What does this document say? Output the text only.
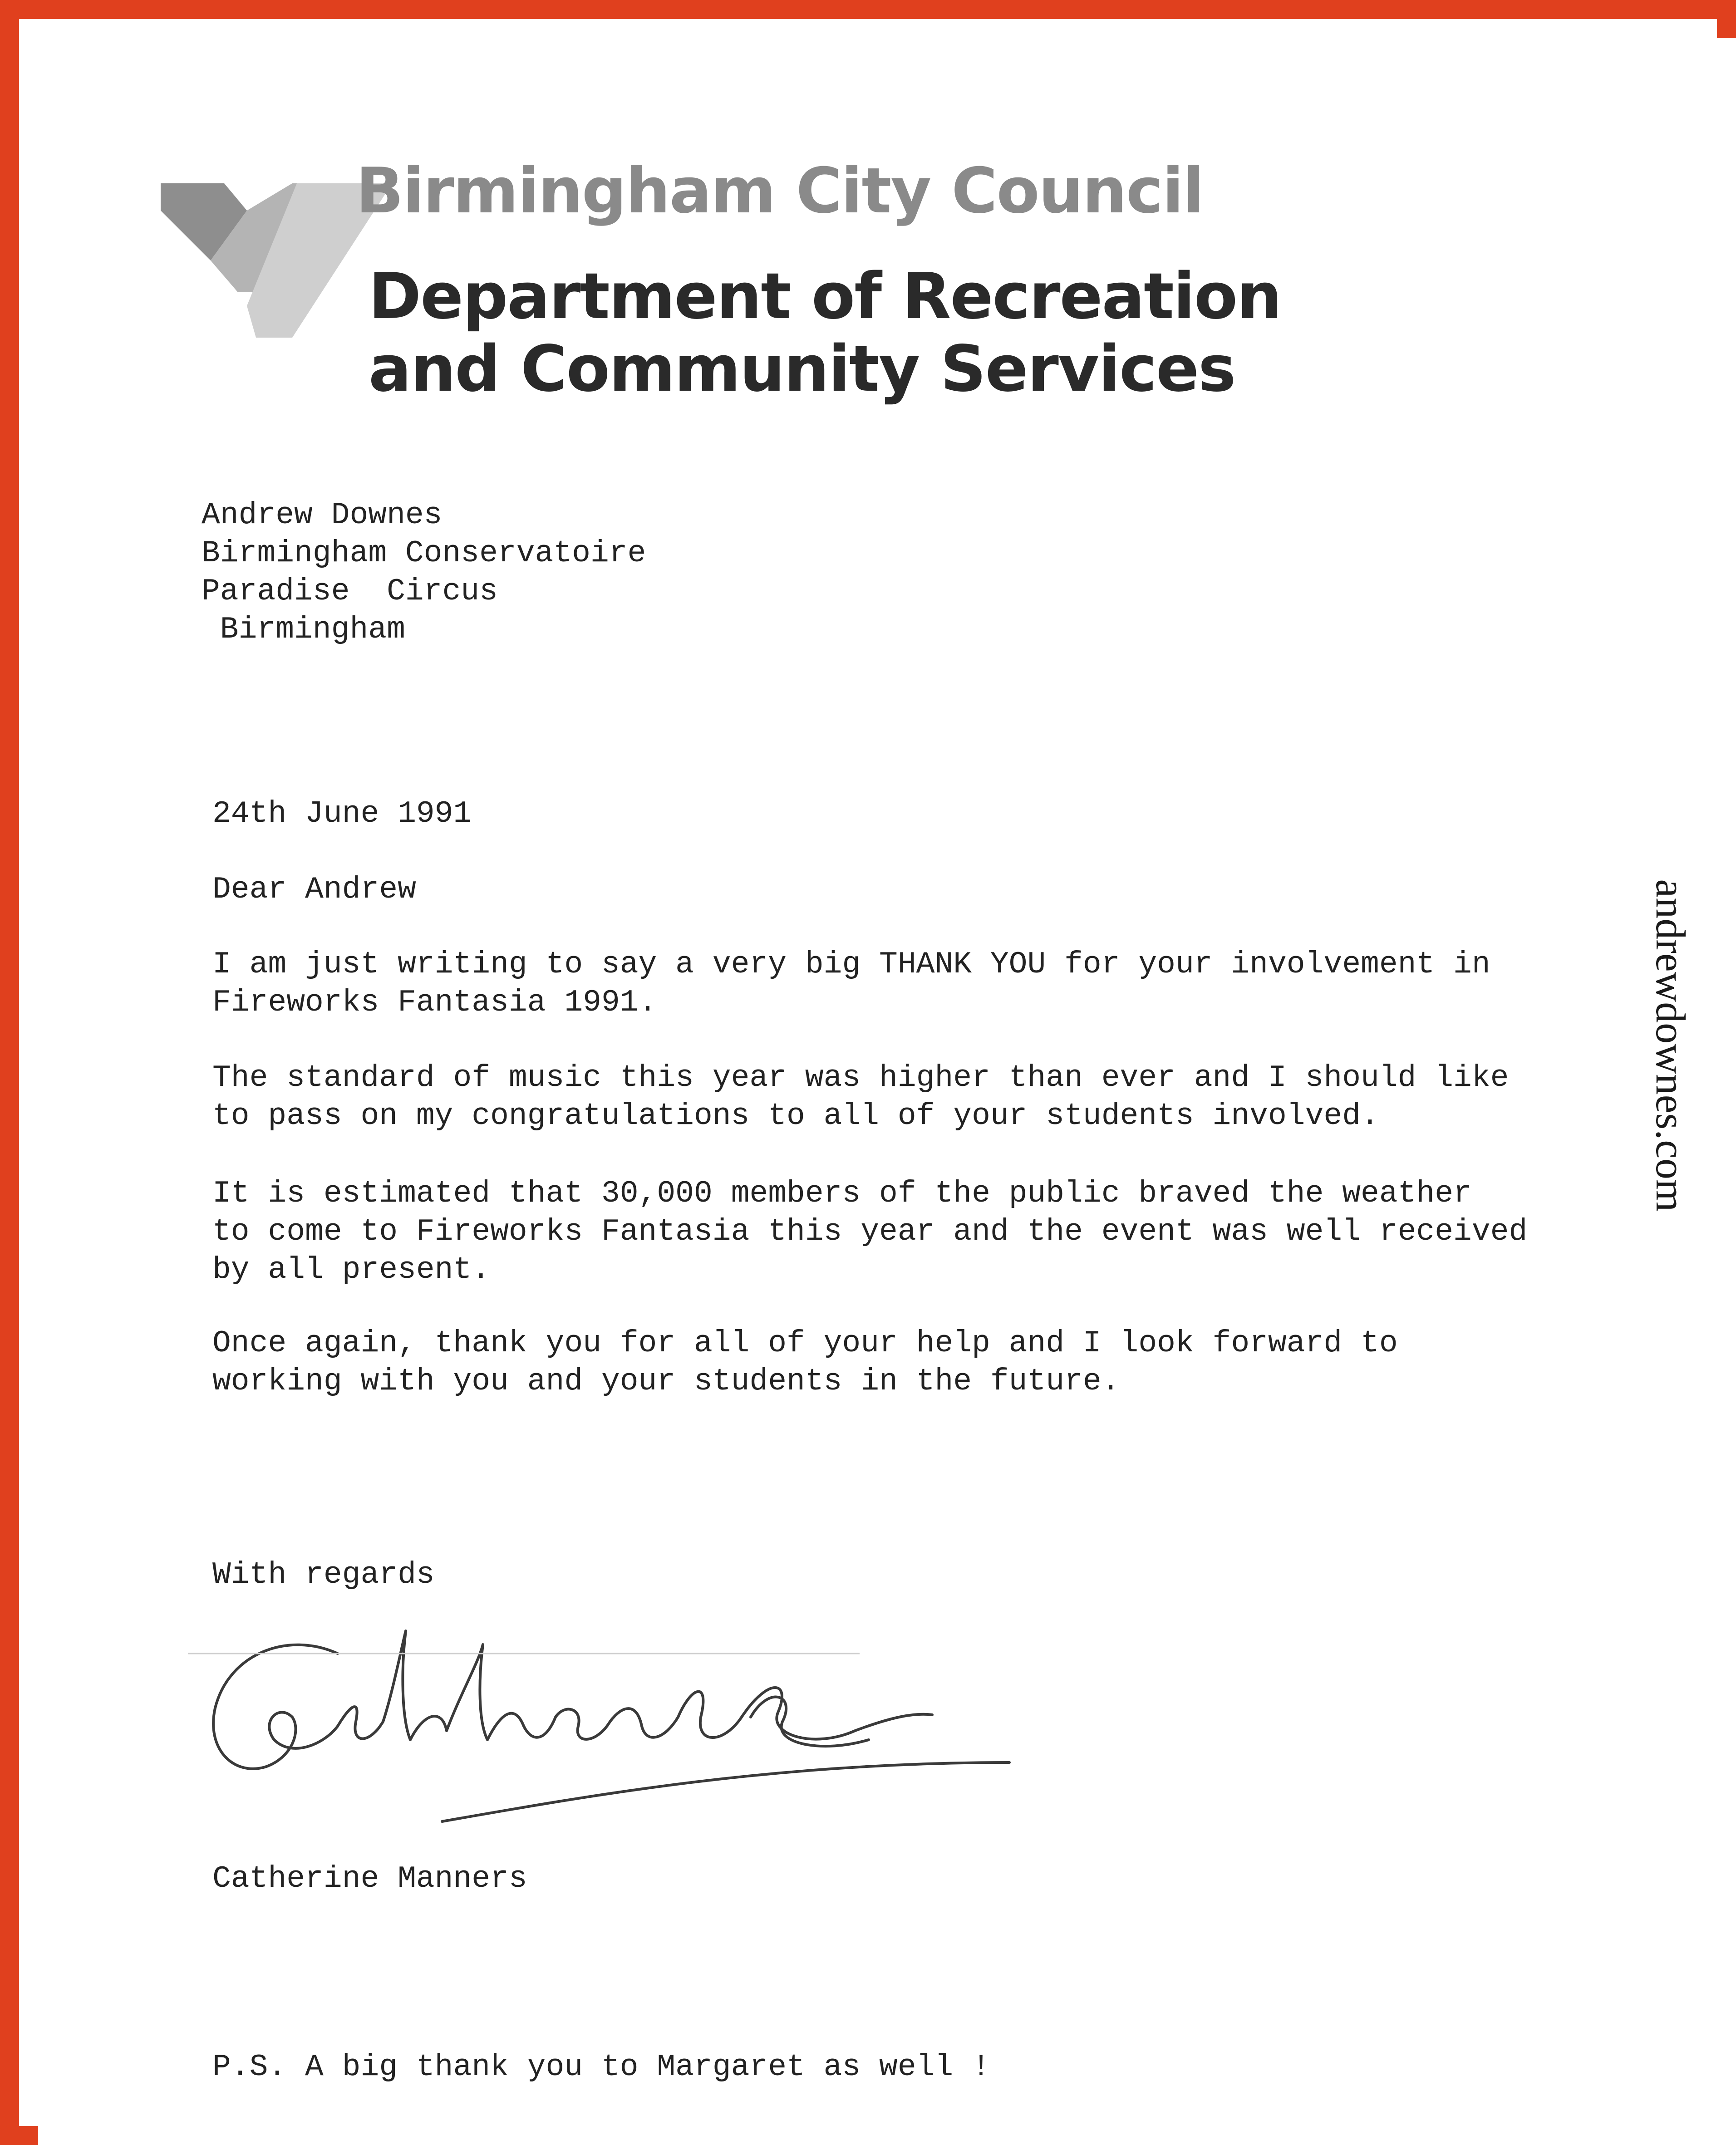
Birmingham City Council
Department of Recreation
and Community Services
Andrew Downes
Birmingham Conservatoire
Paradise  Circus
Birmingham
24th June 1991
Dear Andrew
I am just writing to say a very big THANK YOU for your involvement in
Fireworks Fantasia 1991.
The standard of music this year was higher than ever and I should like
to pass on my congratulations to all of your students involved.
It is estimated that 30,000 members of the public braved the weather
to come to Fireworks Fantasia this year and the event was well received
by all present.
Once again, thank you for all of your help and I look forward to
working with you and your students in the future.
With regards
Catherine Manners
P.S. A big thank you to Margaret as well !
andrewdownes.com
